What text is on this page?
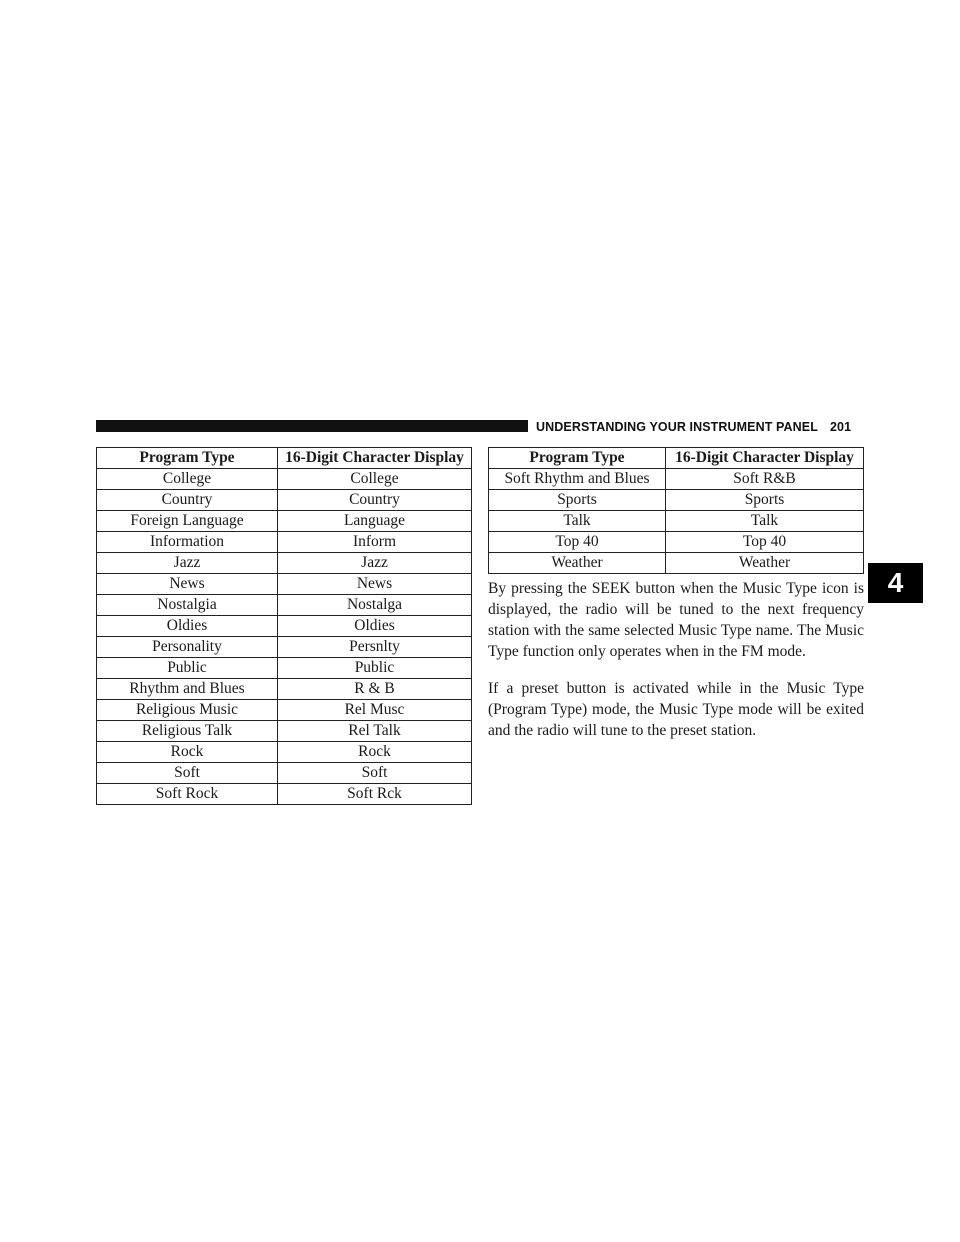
UNDERSTANDING YOUR INSTRUMENT PANEL 201
4
Program Type	16-Digit Character Display
College	College
Country	Country
Foreign Language	Language
Information	Inform
Jazz	Jazz
News	News
Nostalgia	Nostalga
Oldies	Oldies
Personality	Persnlty
Public	Public
Rhythm and Blues	R & B
Religious Music	Rel Musc
Religious Talk	Rel Talk
Rock	Rock
Soft	Soft
Soft Rock	Soft Rck
Program Type	16-Digit Character Display
Soft Rhythm and Blues	Soft R&B
Sports	Sports
Talk	Talk
Top 40	Top 40
Weather	Weather

By pressing the SEEK button when the Music Type icon is displayed, the radio will be tuned to the next frequency station with the same selected Music Type name. The Music Type function only operates when in the FM mode.

If a preset button is activated while in the Music Type (Program Type) mode, the Music Type mode will be exited and the radio will tune to the preset station.
